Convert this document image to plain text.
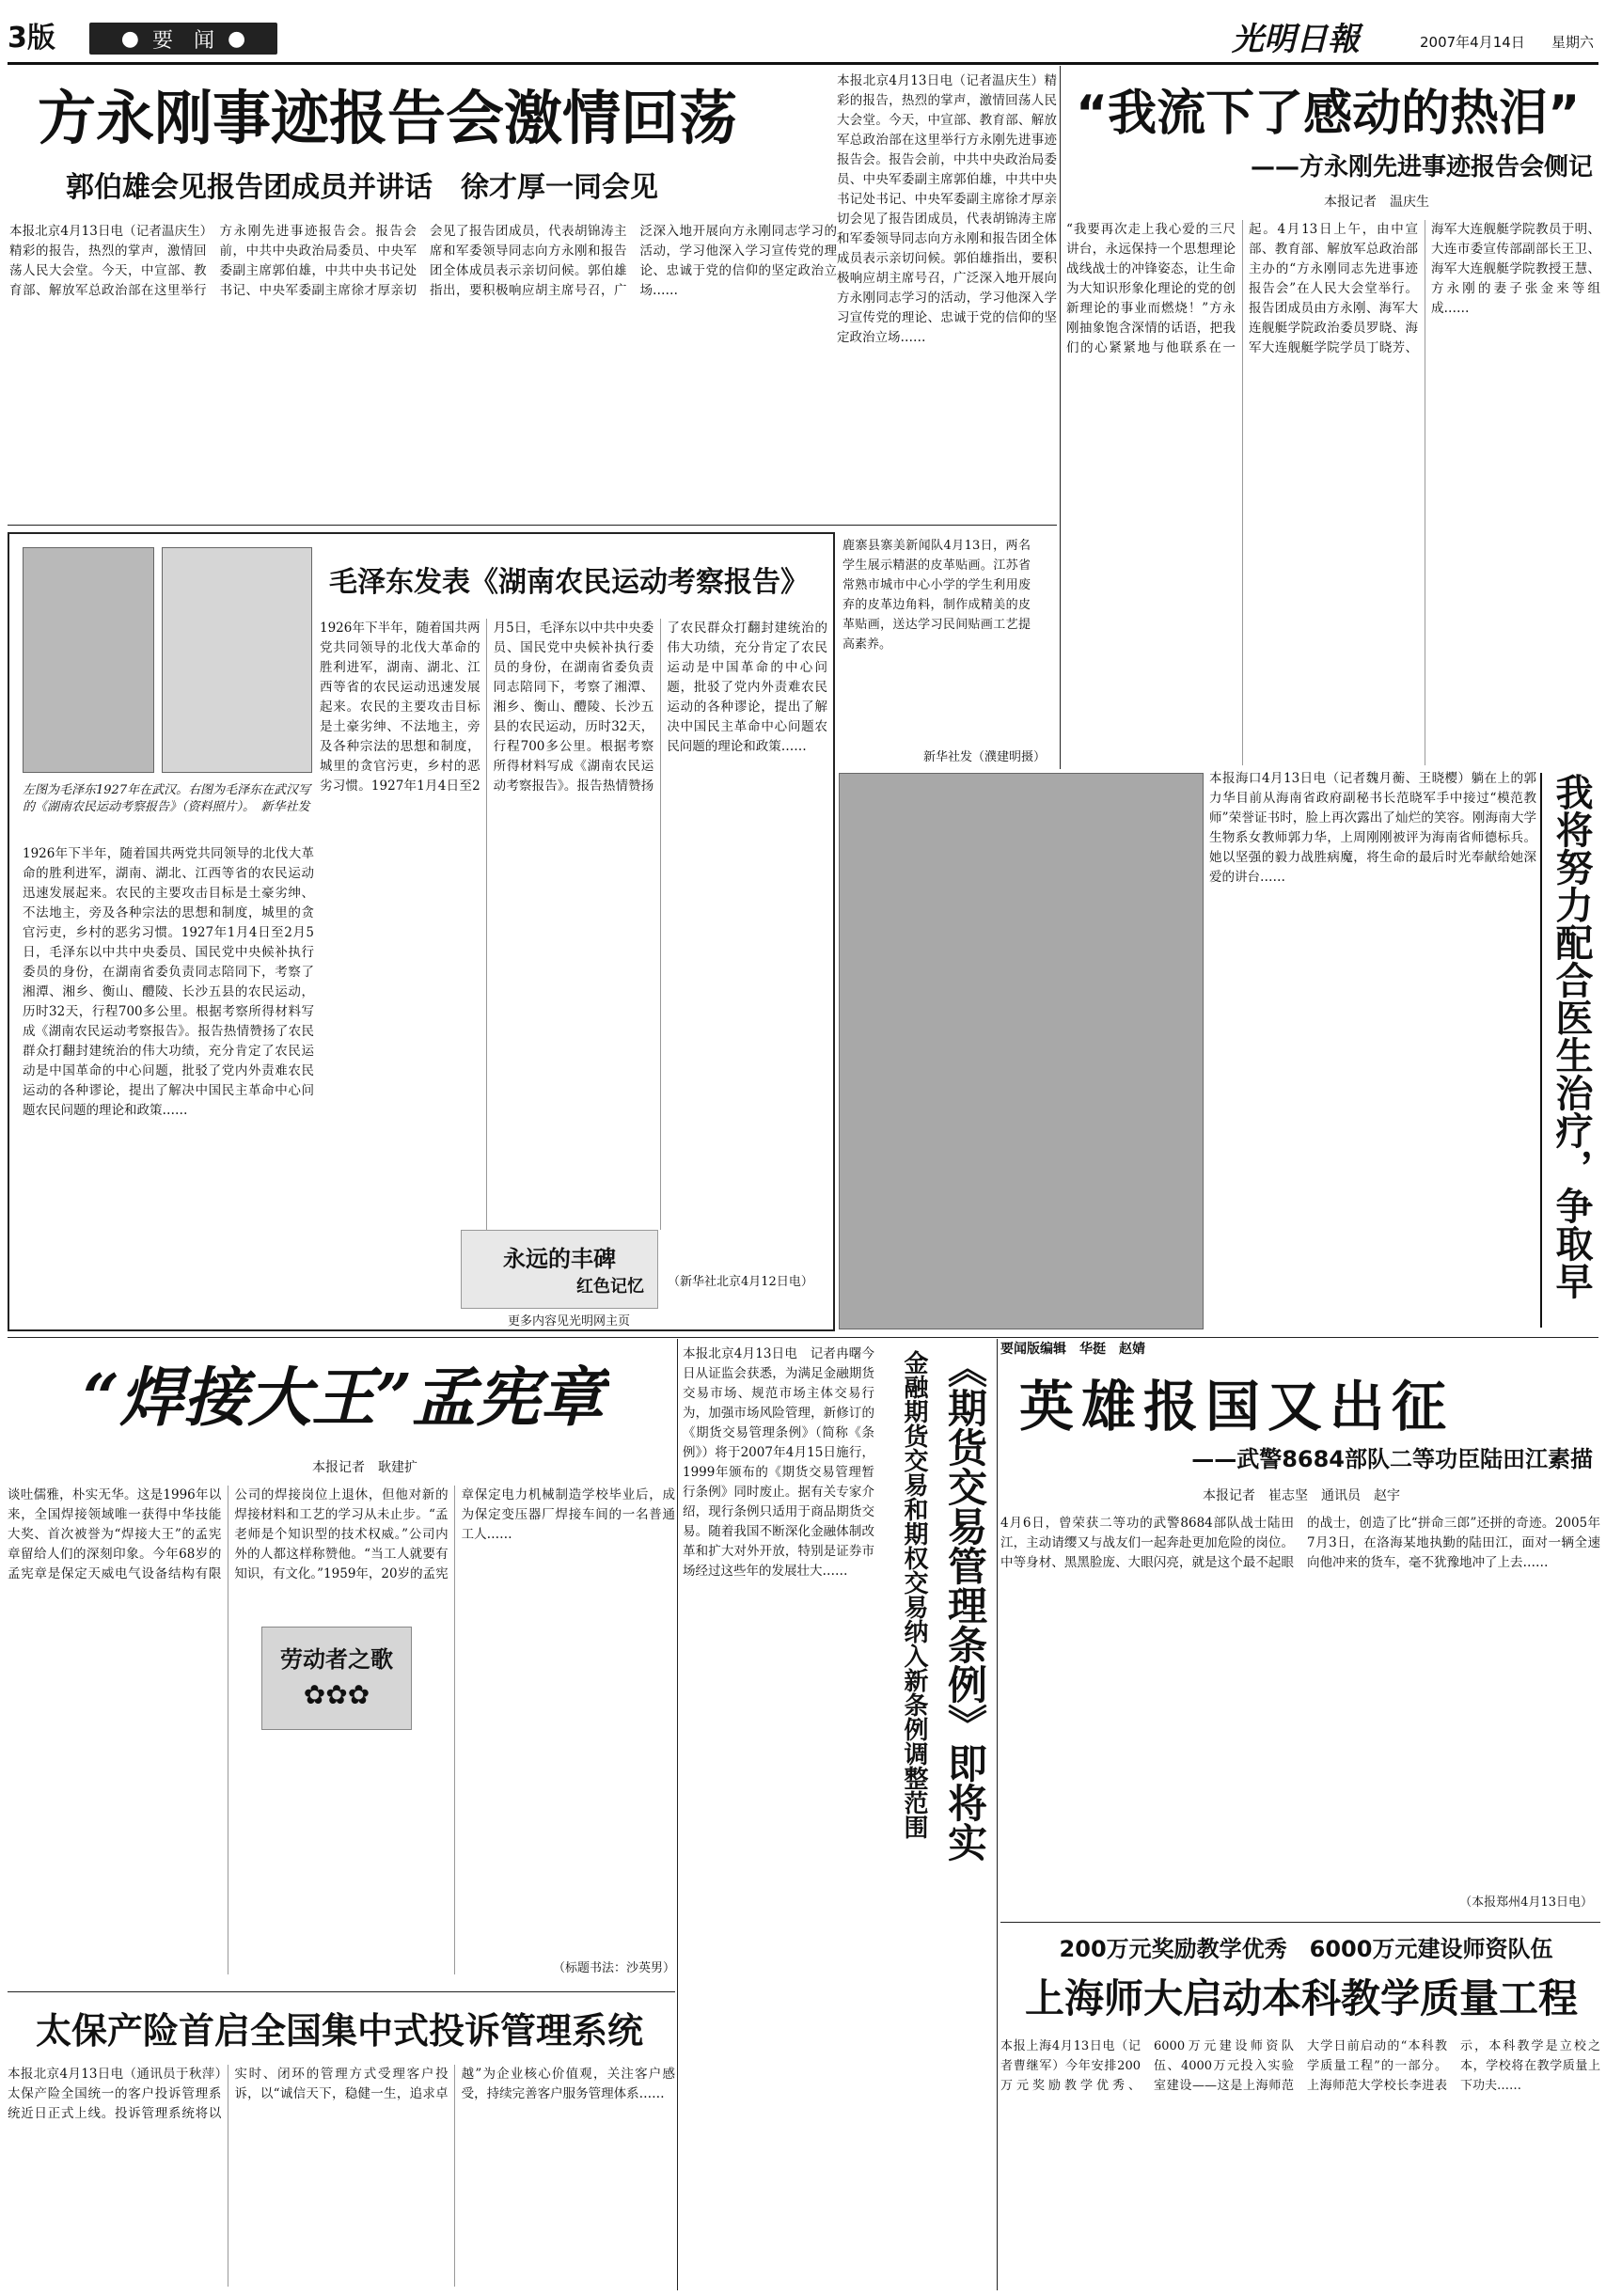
3版	● 要　闻 ●	光明日報	2007年4月14日	星期六
方永刚事迹报告会激情回荡
郭伯雄会见报告团成员并讲话　徐才厚一同会见
本报北京4月13日电（记者温庆生）精彩的报告，热烈的掌声，激情回荡人民大会堂。今天，中宣部、教育部、解放军总政治部在这里举行方永刚先进事迹报告会。报告会前，中共中央政治局委员、中央军委副主席郭伯雄，中共中央书记处书记、中央军委副主席徐才厚亲切会见了报告团成员，代表胡锦涛主席和军委领导同志向方永刚和报告团全体成员表示亲切问候。郭伯雄指出，要积极响应胡主席号召，广泛深入地开展向方永刚同志学习的活动，学习他深入学习宣传党的理论、忠诚于党的信仰的坚定政治立场……
“我流下了感动的热泪”
——方永刚先进事迹报告会侧记
本报记者　温庆生
“我要再次走上我心爱的三尺讲台，永远保持一个思想理论战线战士的冲锋姿态，让生命为大知识形象化理论的党的创新理论的事业而燃烧！”方永刚抽象饱含深情的话语，把我们的心紧紧地与他联系在一起。4月13日上午，由中宣部、教育部、解放军总政治部主办的“方永刚同志先进事迹报告会”在人民大会堂举行。报告团成员由方永刚、海军大连舰艇学院政治委员罗晓、海军大连舰艇学院学员丁晓芳、海军大连舰艇学院教员于明、大连市委宣传部副部长王卫、海军大连舰艇学院教授王慧、方永刚的妻子张金来等组成……
本报北京4月13日电（记者温庆生）精彩的报告，热烈的掌声，激情回荡人民大会堂。今天，中宣部、教育部、解放军总政治部在这里举行方永刚先进事迹报告会。报告会前，中共中央政治局委员、中央军委副主席郭伯雄，中共中央书记处书记、中央军委副主席徐才厚亲切会见了报告团成员，代表胡锦涛主席和军委领导同志向方永刚和报告团全体成员表示亲切问候。郭伯雄指出，要积极响应胡主席号召，广泛深入地开展向方永刚同志学习的活动，学习他深入学习宣传党的理论、忠诚于党的信仰的坚定政治立场……
毛泽东发表《湖南农民运动考察报告》
左图为毛泽东1927年在武汉。右图为毛泽东在武汉写的《湖南农民运动考察报告》（资料照片）。　新华社发
1926年下半年，随着国共两党共同领导的北伐大革命的胜利进军，湖南、湖北、江西等省的农民运动迅速发展起来。农民的主要攻击目标是土豪劣绅、不法地主，旁及各种宗法的思想和制度，城里的贪官污吏，乡村的恶劣习惯。1927年1月4日至2月5日，毛泽东以中共中央委员、国民党中央候补执行委员的身份，在湖南省委负责同志陪同下，考察了湘潭、湘乡、衡山、醴陵、长沙五县的农民运动，历时32天，行程700多公里。根据考察所得材料写成《湖南农民运动考察报告》。报告热情赞扬了农民群众打翻封建统治的伟大功绩，充分肯定了农民运动是中国革命的中心问题，批驳了党内外责难农民运动的各种谬论，提出了解决中国民主革命中心问题农民问题的理论和政策……
1926年下半年，随着国共两党共同领导的北伐大革命的胜利进军，湖南、湖北、江西等省的农民运动迅速发展起来。农民的主要攻击目标是土豪劣绅、不法地主，旁及各种宗法的思想和制度，城里的贪官污吏，乡村的恶劣习惯。1927年1月4日至2月5日，毛泽东以中共中央委员、国民党中央候补执行委员的身份，在湖南省委负责同志陪同下，考察了湘潭、湘乡、衡山、醴陵、长沙五县的农民运动，历时32天，行程700多公里。根据考察所得材料写成《湖南农民运动考察报告》。报告热情赞扬了农民群众打翻封建统治的伟大功绩，充分肯定了农民运动是中国革命的中心问题，批驳了党内外责难农民运动的各种谬论，提出了解决中国民主革命中心问题农民问题的理论和政策……
永远的丰碑
红色记忆
更多内容见光明网主页
（新华社北京4月12日电）
鹿寨县寨美新闻队4月13日，两名学生展示精湛的皮革贴画。江苏省常熟市城市中心小学的学生利用废弃的皮革边角料，制作成精美的皮革贴画，送达学习民间贴画工艺提高素养。
新华社发（濮建明摄）
本报海口4月13日电（记者魏月蘅、王晓樱）躺在上的郭力华目前从海南省政府副秘书长范晓军手中接过“模范教师”荣誉证书时，脸上再次露出了灿烂的笑容。刚海南大学生物系女教师郭力华，上周刚刚被评为海南省师德标兵。她以坚强的毅力战胜病魔，将生命的最后时光奉献给她深爱的讲台……
我将努力配合医生治疗，争取早
“焊接大王”孟宪章
本报记者　耿建扩
谈吐儒雅，朴实无华。这是1996年以来，全国焊接领域唯一获得中华技能大奖、首次被誉为“焊接大王”的孟宪章留给人们的深刻印象。今年68岁的孟宪章是保定天威电气设备结构有限公司的焊接岗位上退休，但他对新的焊接材料和工艺的学习从未止步。“孟老师是个知识型的技术权威。”公司内外的人都这样称赞他。“当工人就要有知识，有文化。”1959年，20岁的孟宪章保定电力机械制造学校毕业后，成为保定变压器厂焊接车间的一名普通工人……
劳动者之歌
✿✿✿
（标题书法：沙英男）
本报北京4月13日电　记者冉曙今日从证监会获悉，为满足金融期货交易市场、规范市场主体交易行为，加强市场风险管理，新修订的《期货交易管理条例》（简称《条例》）将于2007年4月15日施行，1999年颁布的《期货交易管理暂行条例》同时废止。据有关专家介绍，现行条例只适用于商品期货交易。随着我国不断深化金融体制改革和扩大对外开放，特别是证券市场经过这些年的发展壮大……
《期货交易管理条例》即将实
金融期货交易和期权交易纳入新条例调整范围
要闻版编辑　华挺　赵婧
英雄报国又出征
——武警8684部队二等功臣陆田江素描
本报记者　崔志坚　通讯员　赵宇
4月6日，曾荣获二等功的武警8684部队战士陆田江，主动请缨又与战友们一起奔赴更加危险的岗位。中等身材、黑黑脸庞、大眼闪亮，就是这个最不起眼的战士，创造了比“拼命三郎”还拼的奇迹。2005年7月3日，在洛海某地执勤的陆田江，面对一辆全速向他冲来的货车，毫不犹豫地冲了上去……
（本报郑州4月13日电）
太保产险首启全国集中式投诉管理系统
本报北京4月13日电（通讯员于秋萍）太保产险全国统一的客户投诉管理系统近日正式上线。投诉管理系统将以实时、闭环的管理方式受理客户投诉，以“诚信天下，稳健一生，追求卓越”为企业核心价值观，关注客户感受，持续完善客户服务管理体系……
200万元奖励教学优秀　6000万元建设师资队伍
上海师大启动本科教学质量工程
本报上海4月13日电（记者曹继军）今年安排200万元奖励教学优秀、6000万元建设师资队伍、4000万元投入实验室建设——这是上海师范大学日前启动的“本科教学质量工程”的一部分。上海师范大学校长李进表示，本科教学是立校之本，学校将在教学质量上下功夫……
